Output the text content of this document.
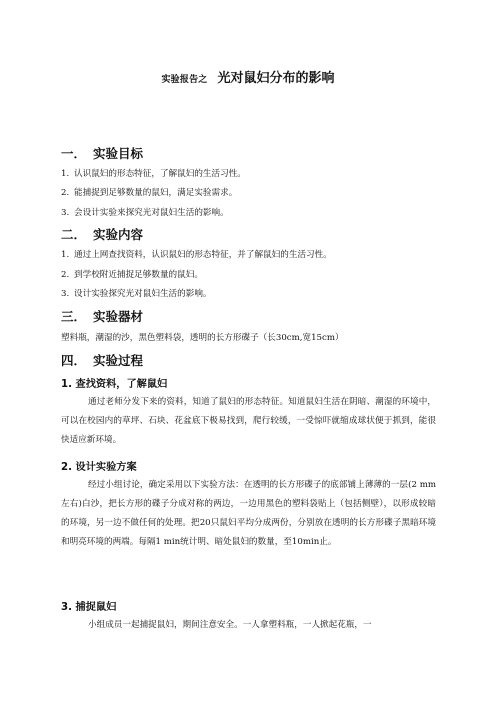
实验报告之 光对鼠妇分布的影响
一． 实验目标
1. 认识鼠妇的形态特征，了解鼠妇的生活习性。
2. 能捕捉到足够数量的鼠妇，满足实验需求。
3. 会设计实验来探究光对鼠妇生活的影响。
二． 实验内容
1. 通过上网查找资料，认识鼠妇的形态特征，并了解鼠妇的生活习性。
2. 到学校附近捕捉足够数量的鼠妇。
3. 设计实验探究光对鼠妇生活的影响。
三． 实验器材
塑料瓶，潮湿的沙，黑色塑料袋，透明的长方形碟子（长30cm,宽15cm）
四． 实验过程
1. 查找资料，了解鼠妇
通过老师分发下来的资料，知道了鼠妇的形态特征。知道鼠妇生活在阴暗、潮湿的环境中，可以在校园内的草坪、石块、花盆底下极易找到，爬行较缓，一受惊吓就缩成球状便于抓到，能很快适应新环境。
2. 设计实验方案
经过小组讨论，确定采用以下实验方法：在透明的长方形碟子的底部铺上薄薄的一层(2 mm 左右)白沙，把长方形的碟子分成对称的两边，一边用黑色的塑料袋贴上（包括侧壁），以形成较暗的环境，另一边不做任何的处理。把20只鼠妇平均分成两份，分别放在透明的长方形碟子黑暗环境和明亮环境的两端。每隔1 min统计明、暗处鼠妇的数量，至10min止。
3. 捕捉鼠妇
小组成员一起捕捉鼠妇，期间注意安全。一人拿塑料瓶，一人掀起花瓶，一
